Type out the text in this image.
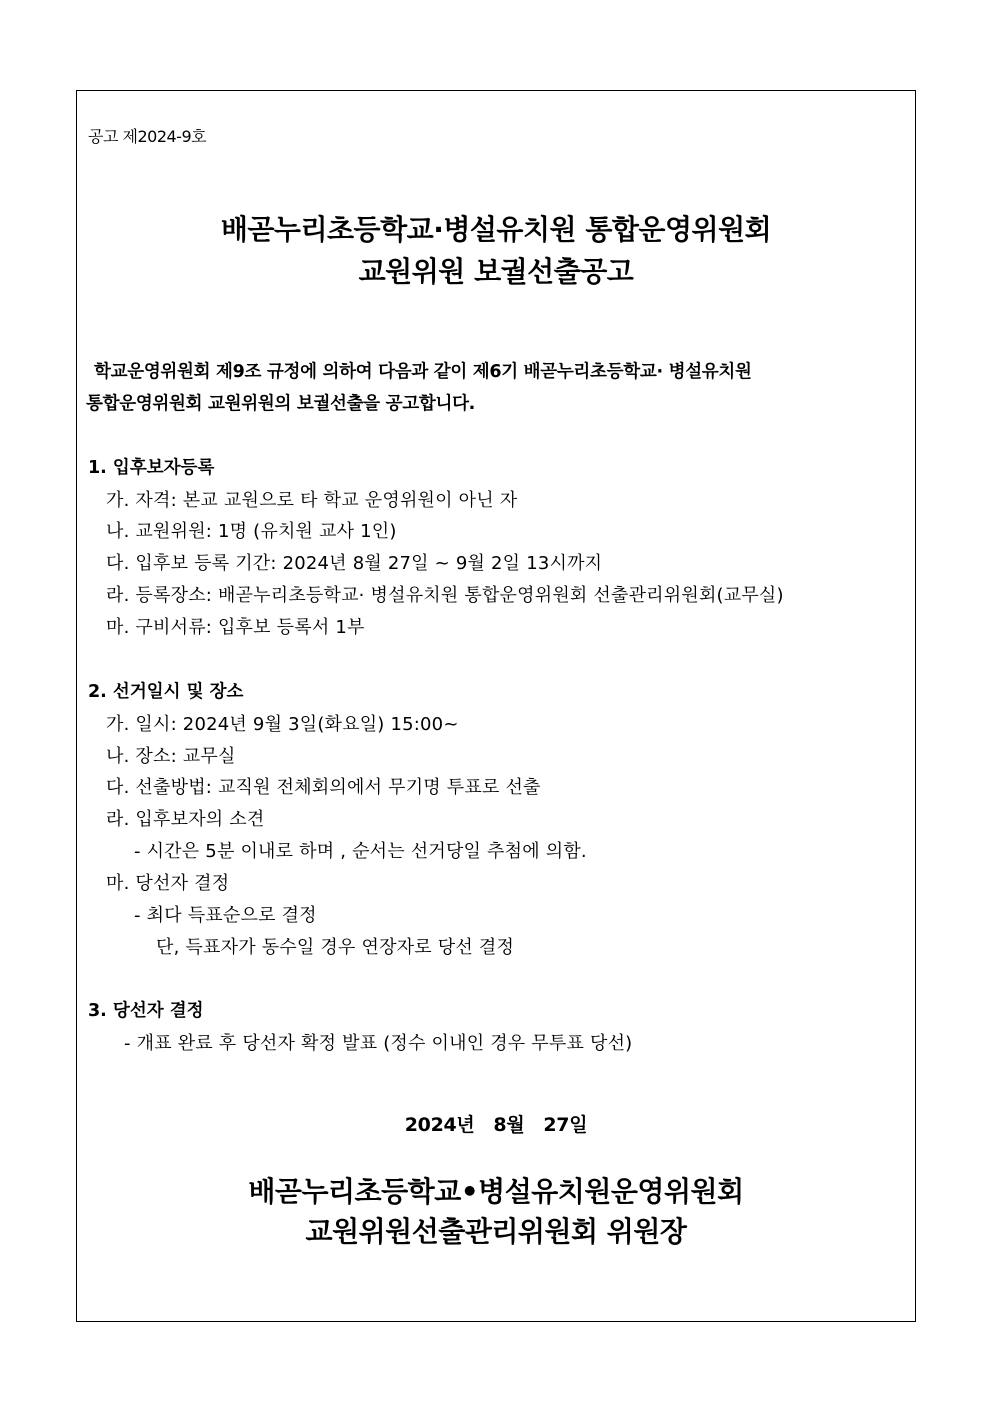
공고 제2024-9호
배곧누리초등학교·병설유치원 통합운영위원회
교원위원 보궐선출공고
학교운영위원회 제9조 규정에 의하여 다음과 같이 제6기 배곧누리초등학교· 병설유치원
통합운영위원회 교원위원의 보궐선출을 공고합니다.
1. 입후보자등록
가. 자격: 본교 교원으로 타 학교 운영위원이 아닌 자
나. 교원위원: 1명 (유치원 교사 1인)
다. 입후보 등록 기간: 2024년 8월 27일 ~ 9월 2일 13시까지
라. 등록장소: 배곧누리초등학교· 병설유치원 통합운영위원회 선출관리위원회(교무실)
마. 구비서류: 입후보 등록서 1부
2. 선거일시 및 장소
가. 일시: 2024년 9월 3일(화요일) 15:00~
나. 장소: 교무실
다. 선출방법: 교직원 전체회의에서 무기명 투표로 선출
라. 입후보자의 소견
- 시간은 5분 이내로 하며 , 순서는 선거당일 추첨에 의함.
마. 당선자 결정
- 최다 득표순으로 결정
단, 득표자가 동수일 경우 연장자로 당선 결정
3. 당선자 결정
- 개표 완료 후 당선자 확정 발표 (정수 이내인 경우 무투표 당선)
2024년   8월   27일
배곧누리초등학교•병설유치원운영위원회
교원위원선출관리위원회 위원장
